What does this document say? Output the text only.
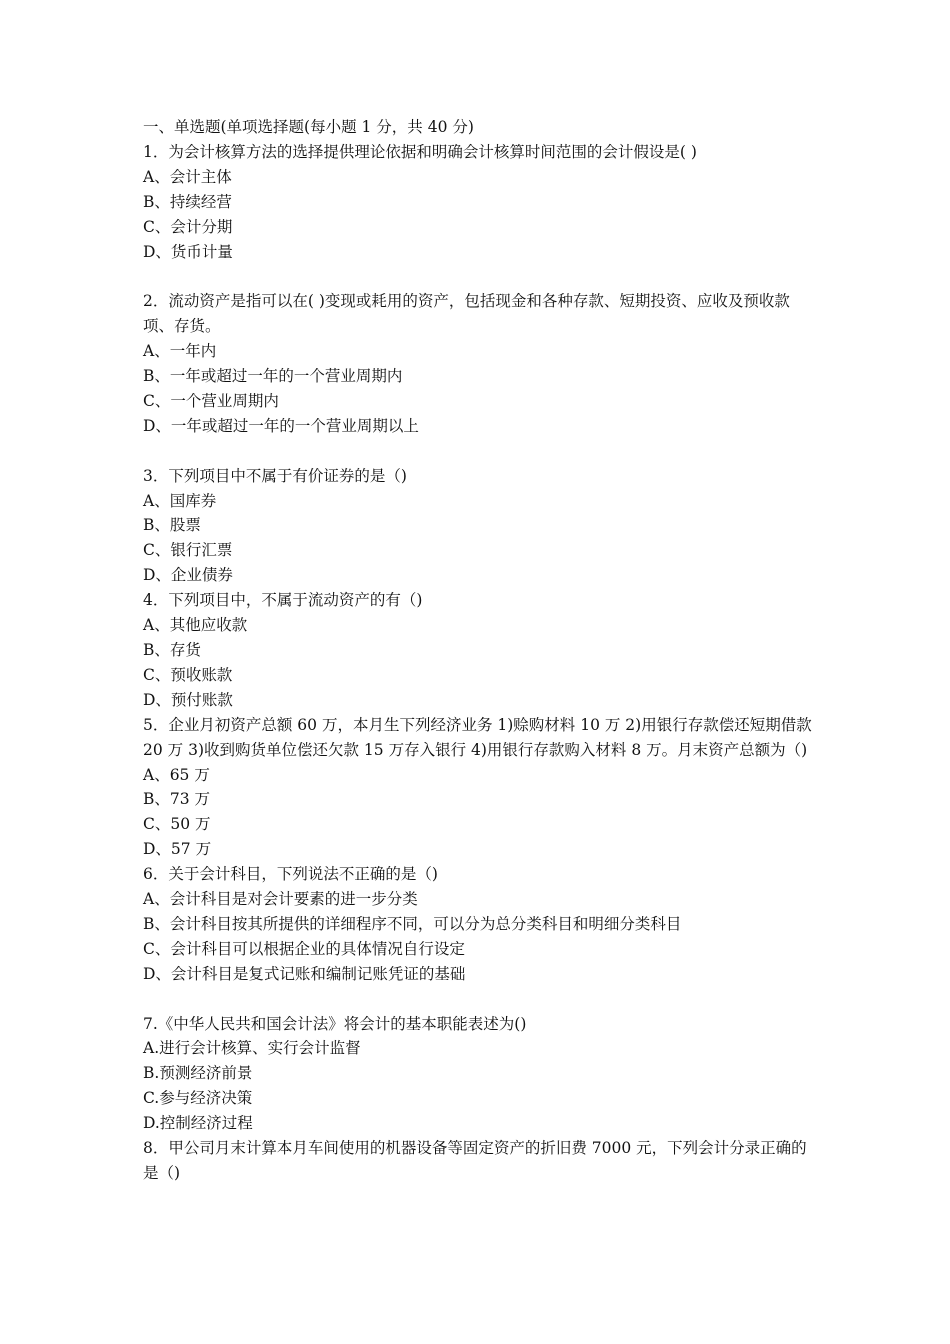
一、单选题(单项选择题(每小题 1 分，共 40 分)
1．为会计核算方法的选择提供理论依据和明确会计核算时间范围的会计假设是( )
A、会计主体
B、持续经营
C、会计分期
D、货币计量
2．流动资产是指可以在( )变现或耗用的资产，包括现金和各种存款、短期投资、应收及预收款项、存货。
A、一年内
B、一年或超过一年的一个营业周期内
C、一个营业周期内
D、一年或超过一年的一个营业周期以上
3．下列项目中不属于有价证券的是（)
A、国库券
B、股票
C、银行汇票
D、企业债券
4．下列项目中，不属于流动资产的有（)
A、其他应收款
B、存货
C、预收账款
D、预付账款
5．企业月初资产总额 60 万，本月生下列经济业务 1)赊购材料 10 万 2)用银行存款偿还短期借款 20 万 3)收到购货单位偿还欠款 15 万存入银行 4)用银行存款购入材料 8 万。月末资产总额为（)
A、65 万
B、73 万
C、50 万
D、57 万
6．关于会计科目，下列说法不正确的是（)
A、会计科目是对会计要素的进一步分类
B、会计科目按其所提供的详细程序不同，可以分为总分类科目和明细分类科目
C、会计科目可以根据企业的具体情况自行设定
D、会计科目是复式记账和编制记账凭证的基础
7.《中华人民共和国会计法》将会计的基本职能表述为()
A.进行会计核算、实行会计监督
B.预测经济前景
C.参与经济决策
D.控制经济过程
8．甲公司月末计算本月车间使用的机器设备等固定资产的折旧费 7000 元，下列会计分录正确的是（)
